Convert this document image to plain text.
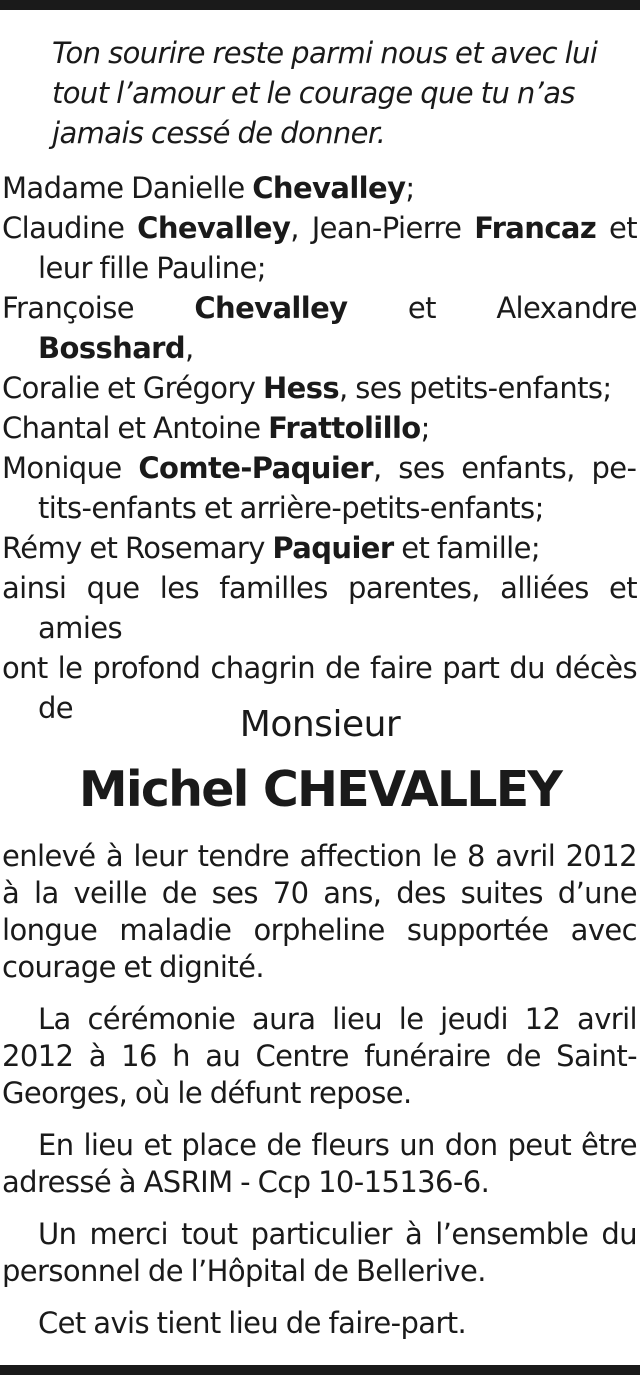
Ton sourire reste parmi nous et avec lui tout l’amour et le courage que tu n’as jamais cessé de donner.
Madame Danielle Chevalley;
Claudine Chevalley, Jean-Pierre Francaz et leur fille Pauline;
Françoise Chevalley et Alexandre Bosshard,
Coralie et Grégory Hess, ses petits-enfants;
Chantal et Antoine Frattolillo;
Monique Comte-Paquier, ses enfants, petits-enfants et arrière-petits-enfants;
Rémy et Rosemary Paquier et famille;
ainsi que les familles parentes, alliées et amies
ont le profond chagrin de faire part du décès de	Monsieur
Michel CHEVALLEY

enlevé à leur tendre affection le 8 avril 2012 à la veille de ses 70 ans, des suites d’une longue maladie orpheline supportée avec courage et dignité.

La cérémonie aura lieu le jeudi 12 avril 2012 à 16 h au Centre funéraire de Saint-Georges, où le défunt repose.

En lieu et place de fleurs un don peut être adressé à ASRIM - Ccp 10-15136-6.

Un merci tout particulier à l’ensemble du personnel de l’Hôpital de Bellerive.

Cet avis tient lieu de faire-part.
